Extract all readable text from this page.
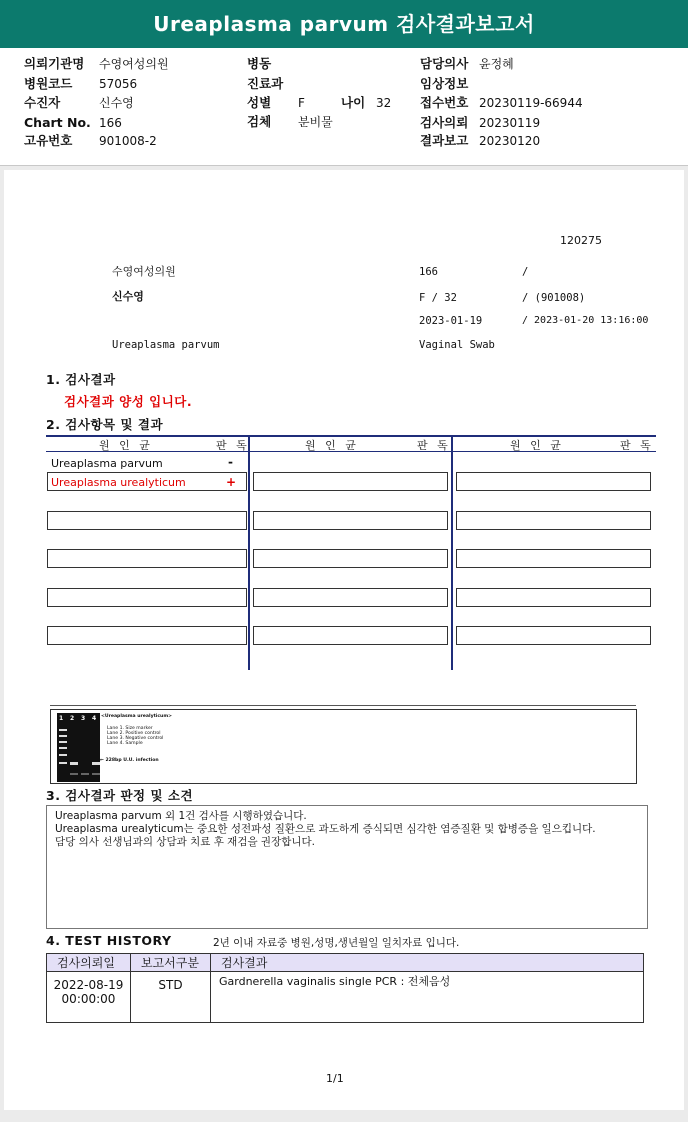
Ureaplasma parvum 검사결과보고서
의뢰기관명 수영여성의원
병원코드 57056
수진자	신수영
Chart No. 166
고유번호 901008-2
병동
진료과
성별 F	나이 32
검체 분비물
담당의사 윤정혜
임상정보
접수번호 20230119-66944
검사의뢰 20230119
결과보고 20230120
120275
수영여성의원	166	/
신수영	F / 32	/ (901008)
2023-01-19	/ 2023-01-20 13:16:00
Ureaplasma parvum	Vaginal Swab
1. 검사결과
검사결과 양성 입니다.
2. 검사항목 및 결과
원 인 균	판 독	원 인 균	판 독	원 인 균	판 독
Ureaplasma parvum	-
Ureaplasma urealyticum	+
1 2 3 4 <Ureaplasma urealyticum>
Lane 1. Size marker
Lane 2. Positive control
Lane 3. Negative control
Lane 4. Sample
← 228bp U.U. infection
3. 검사결과 판정 및 소견
Ureaplasma parvum 외 1건 검사를 시행하였습니다.
Ureaplasma urealyticum는 중요한 성전파성 질환으로 과도하게 증식되면 심각한 염증질환 및 합병증을 일으킵니다.
담당 의사 선생님과의 상담과 치료 후 재검을 권장합니다.
4. TEST HISTORY	2년 이내 자료중 병원,성명,생년월일 일치자료 입니다.
검사의뢰일	보고서구분	검사결과

2022-08-19
00:00:00	STD	Gardnerella vaginalis single PCR : 전체음성
1/1
